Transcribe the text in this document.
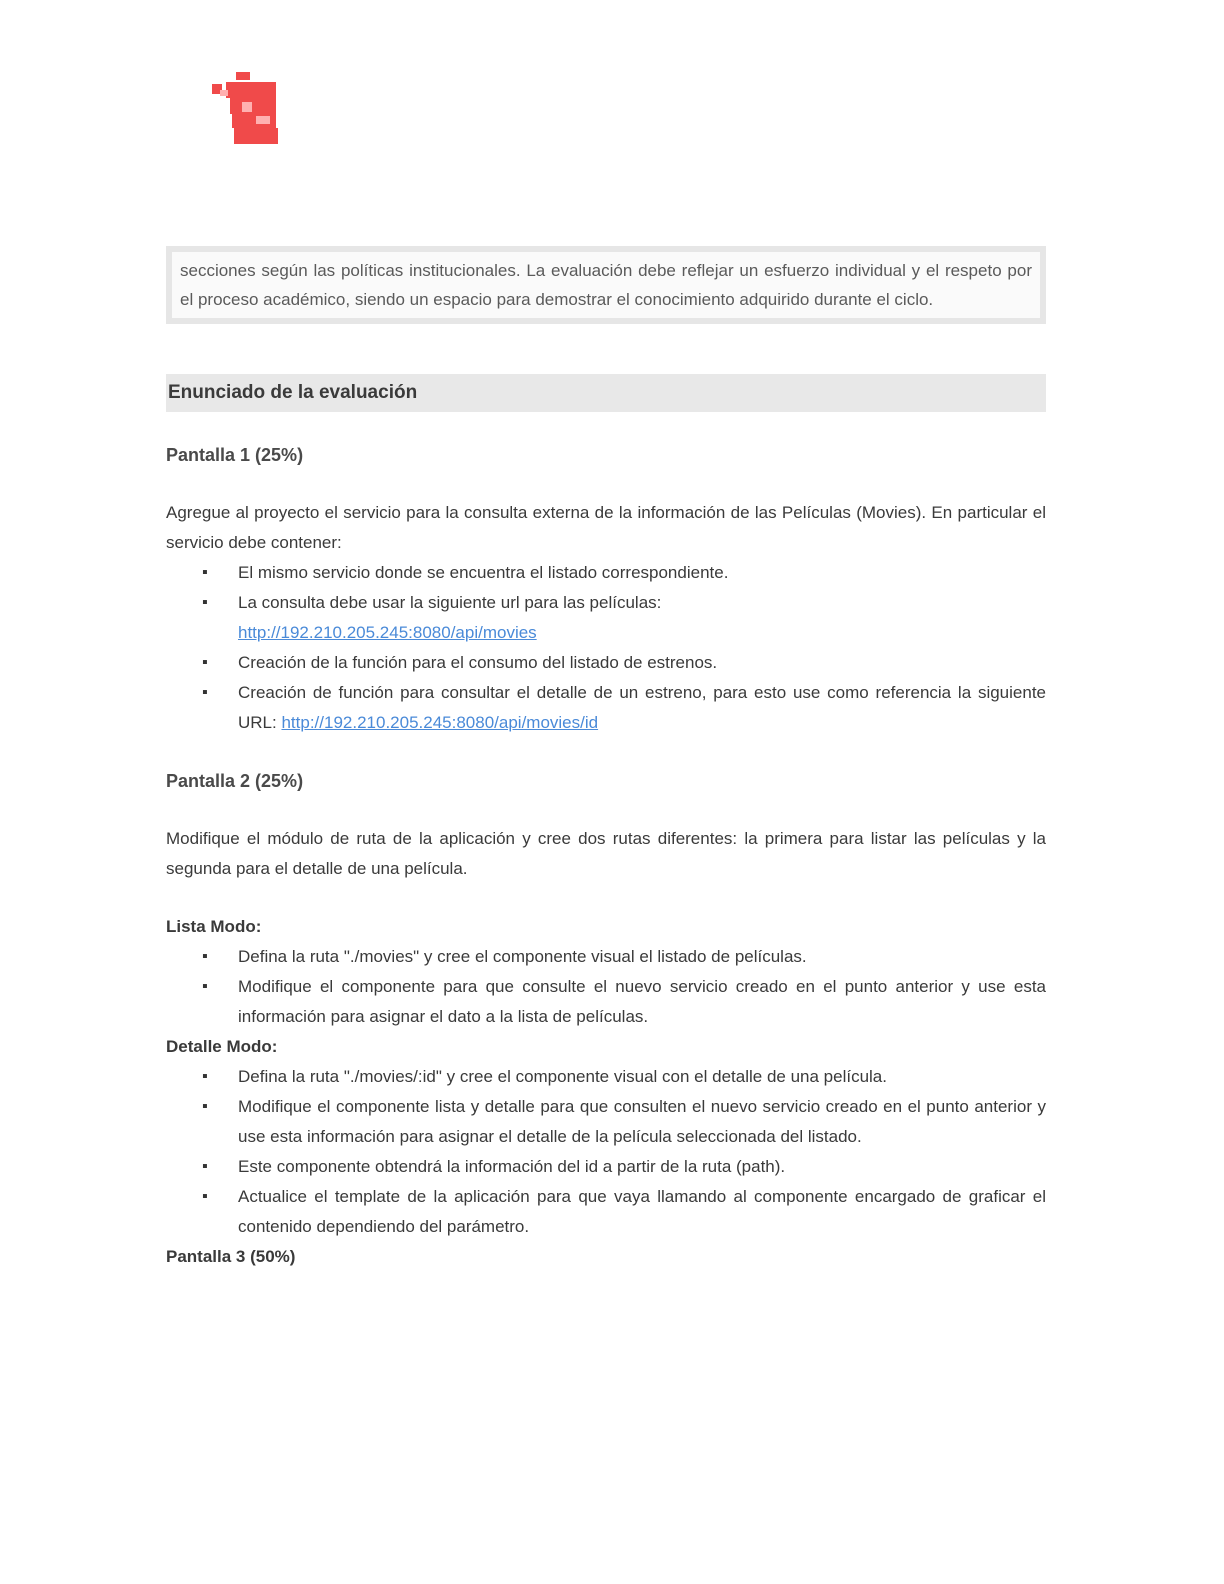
secciones según las políticas institucionales. La evaluación debe reflejar un esfuerzo individual y el respeto por el proceso académico, siendo un espacio para demostrar el conocimiento adquirido durante el ciclo.
Enunciado de la evaluación
Pantalla 1 (25%)
Agregue al proyecto el servicio para la consulta externa de la información de las Películas (Movies). En particular el servicio debe contener:
▪ El mismo servicio donde se encuentra el listado correspondiente.
▪ La consulta debe usar la siguiente url para las películas:
http://192.210.205.245:8080/api/movies
▪ Creación de la función para el consumo del listado de estrenos.
▪ Creación de función para consultar el detalle de un estreno, para esto use como referencia la siguiente URL: http://192.210.205.245:8080/api/movies/id
Pantalla 2 (25%)
Modifique el módulo de ruta de la aplicación y cree dos rutas diferentes: la primera para listar las películas y la segunda para el detalle de una película.
Lista Modo:
▪ Defina la ruta "./movies" y cree el componente visual el listado de películas.
▪ Modifique el componente para que consulte el nuevo servicio creado en el punto anterior y use esta información para asignar el dato a la lista de películas.
Detalle Modo:
▪ Defina la ruta "./movies/:id" y cree el componente visual con el detalle de una película.
▪ Modifique el componente lista y detalle para que consulten el nuevo servicio creado en el punto anterior y use esta información para asignar el detalle de la película seleccionada del listado.
▪ Este componente obtendrá la información del id a partir de la ruta (path).
▪ Actualice el template de la aplicación para que vaya llamando al componente encargado de graficar el contenido dependiendo del parámetro.
Pantalla 3 (50%)
